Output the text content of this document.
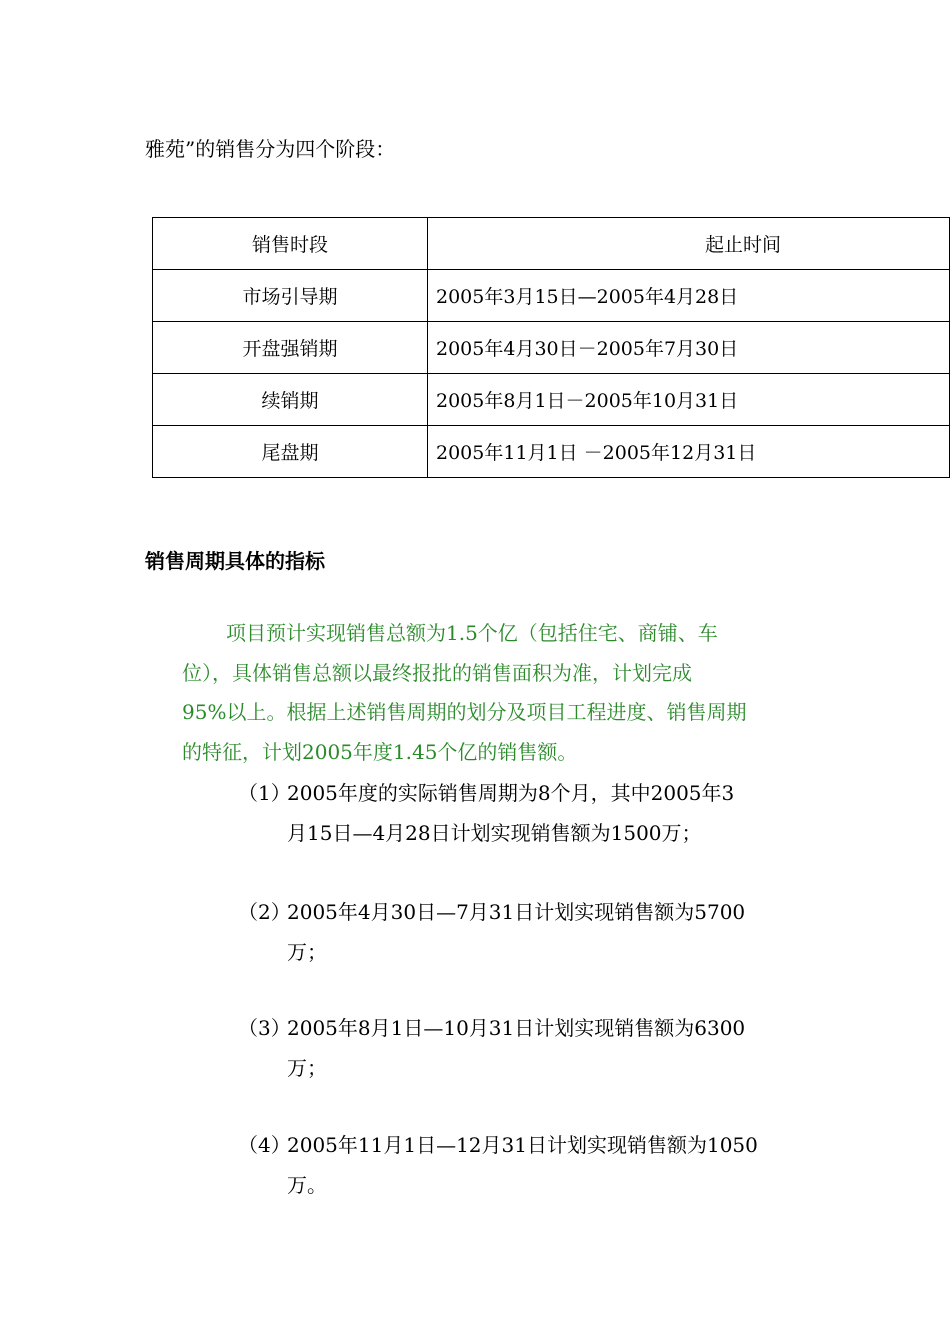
雅苑”的销售分为四个阶段：
销售时段	起止时间
市场引导期	2005年3月15日—2005年4月28日
开盘强销期	2005年4月30日－2005年7月30日
续销期	2005年8月1日－2005年10月31日
尾盘期	2005年11月1日 －2005年12月31日
销售周期具体的指标
项目预计实现销售总额为1.5个亿（包括住宅、商铺、车
位），具体销售总额以最终报批的销售面积为准，计划完成
95%以上。根据上述销售周期的划分及项目工程进度、销售周期
的特征，计划2005年度1.45个亿的销售额。
（1）
2005年度的实际销售周期为8个月，其中2005年3
月15日—4月28日计划实现销售额为1500万；
（2）
2005年4月30日—7月31日计划实现销售额为5700
万；
（3）
2005年8月1日—10月31日计划实现销售额为6300
万；
（4）
2005年11月1日—12月31日计划实现销售额为1050
万。
